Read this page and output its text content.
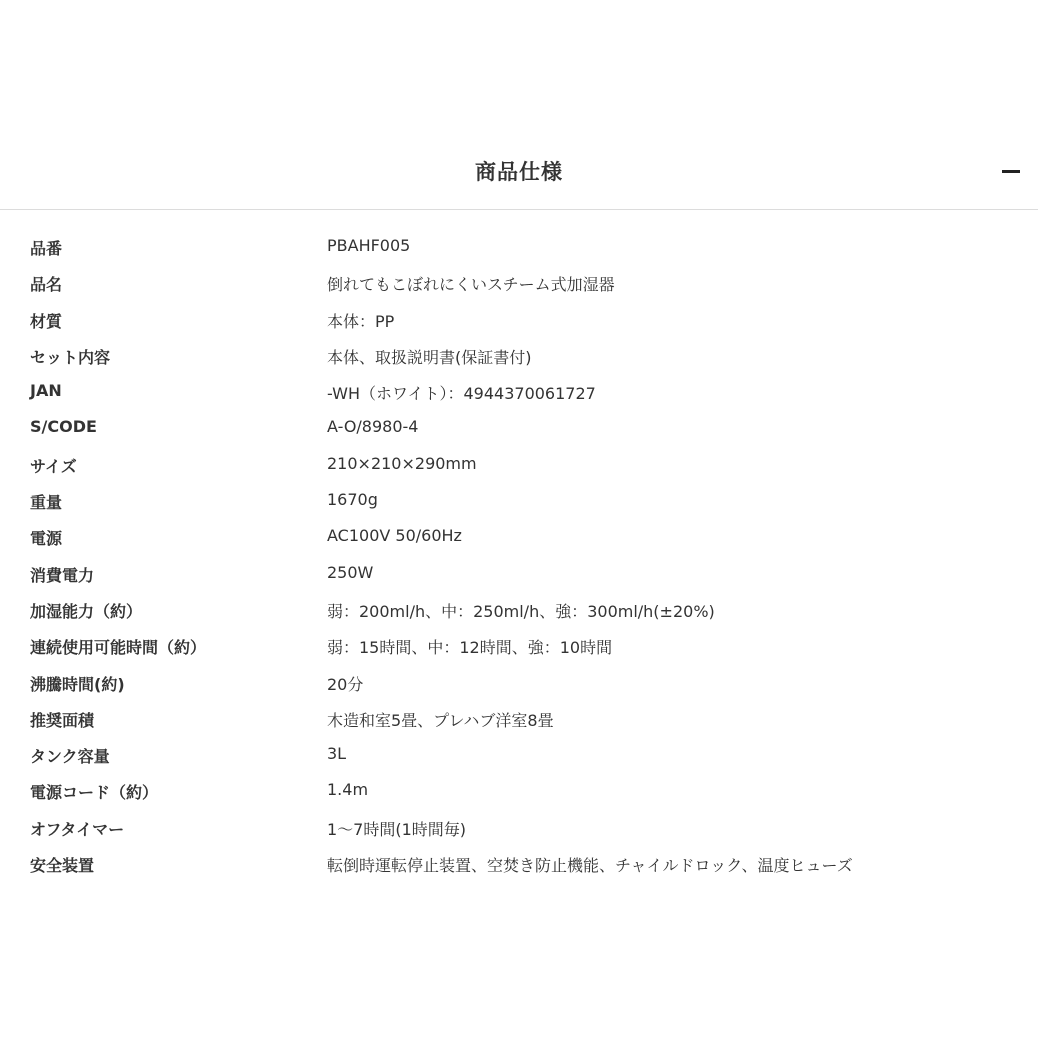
商品仕様
品番	PBAHF005
品名	倒れてもこぼれにくいスチーム式加湿器
材質	本体：PP
セット内容	本体、取扱説明書(保証書付)
JAN	-WH（ホワイト）：4944370061727
S/CODE	A-O/8980-4
サイズ	210×210×290mm
重量	1670g
電源	AC100V 50/60Hz
消費電力	250W
加湿能力（約）	弱：200ml/h、中：250ml/h、強：300ml/h(±20%)
連続使用可能時間（約）	弱：15時間、中：12時間、強：10時間
沸騰時間(約)	20分
推奨面積	木造和室5畳、プレハブ洋室8畳
タンク容量	3L
電源コード（約）	1.4m
オフタイマー	1〜7時間(1時間毎)
安全装置	転倒時運転停止装置、空焚き防止機能、チャイルドロック、温度ヒューズ
